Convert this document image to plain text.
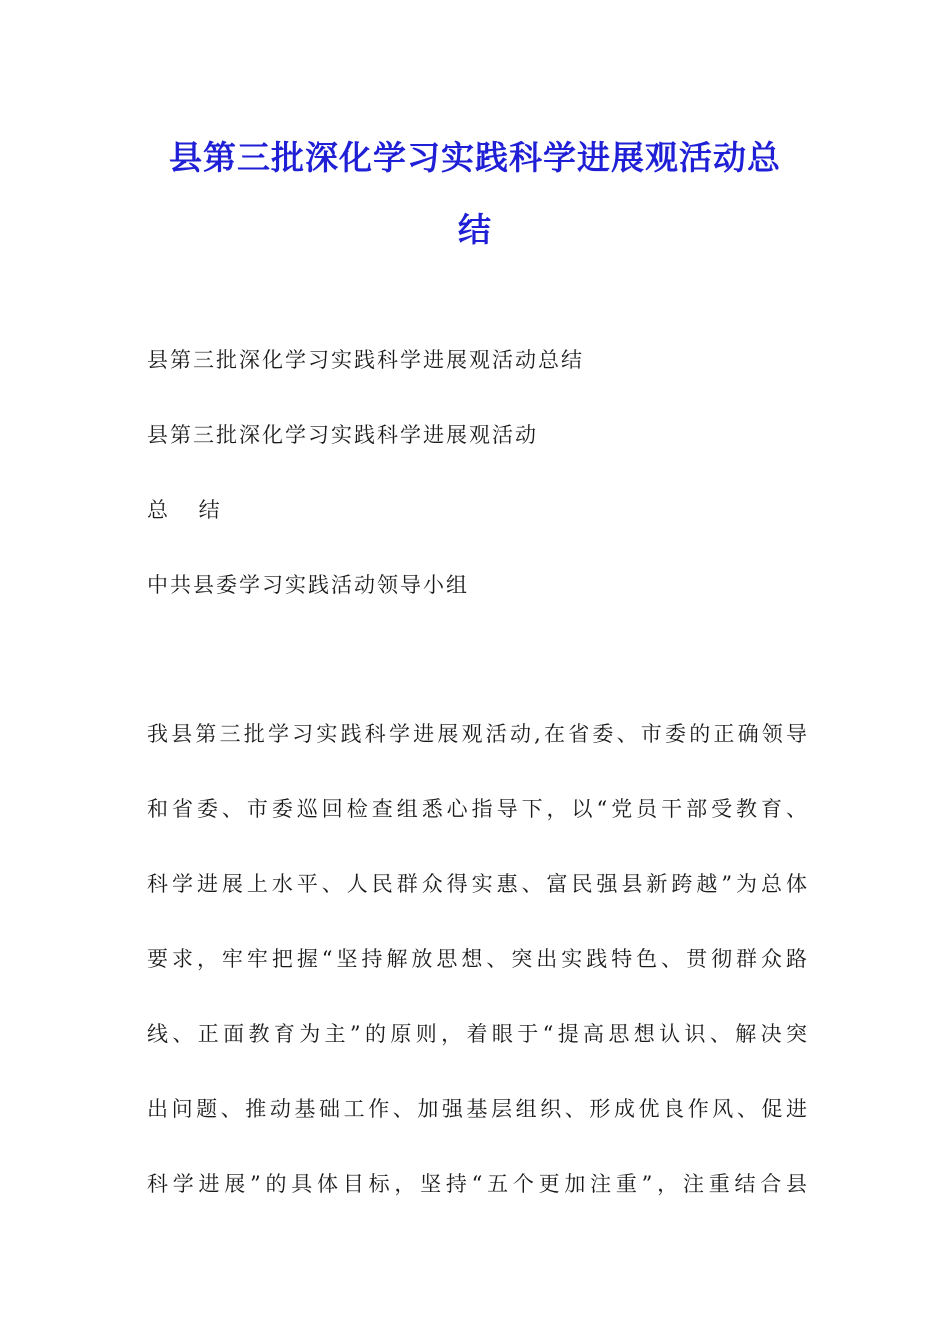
县第三批深化学习实践科学进展观活动总
结

县第三批深化学习实践科学进展观活动总结

县第三批深化学习实践科学进展观活动

总 结

中共县委学习实践活动领导小组

我县第三批学习实践科学进展观活动,在省委、市委的正确领导

和省委、市委巡回检查组悉心指导下，以“党员干部受教育、

科学进展上水平、人民群众得实惠、富民强县新跨越”为总体

要求，牢牢把握“坚持解放思想、突出实践特色、贯彻群众路

线、正面教育为主”的原则，着眼于“提高思想认识、解决突

出问题、推动基础工作、加强基层组织、形成优良作风、促进

科学进展”的具体目标，坚持“五个更加注重”，注重结合县
